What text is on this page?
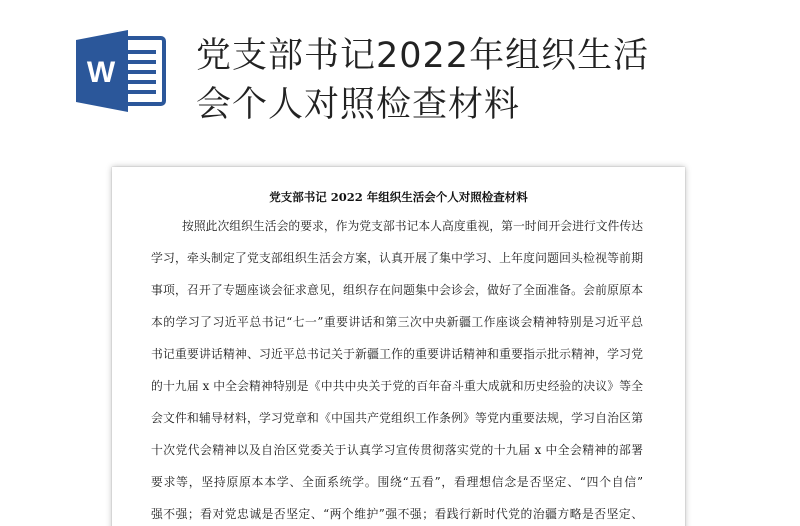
W 党支部书记2022年组织生活
会个人对照检查材料
党支部书记 2022 年组织生活会个人对照检查材料
按照此次组织生活会的要求，作为党支部书记本人高度重视，第一时间开会进行文件传达
学习，牵头制定了党支部组织生活会方案，认真开展了集中学习、上年度问题回头检视等前期
事项，召开了专题座谈会征求意见，组织存在问题集中会诊会，做好了全面准备。会前原原本
本的学习了习近平总书记“七一”重要讲话和第三次中央新疆工作座谈会精神特别是习近平总
书记重要讲话精神、习近平总书记关于新疆工作的重要讲话精神和重要指示批示精神，学习党
的十九届 x 中全会精神特别是《中共中央关于党的百年奋斗重大成就和历史经验的决议》等全
会文件和辅导材料，学习党章和《中国共产党组织工作条例》等党内重要法规，学习自治区第
十次党代会精神以及自治区党委关于认真学习宣传贯彻落实党的十九届 x 中全会精神的部署
要求等，坚持原原本本学、全面系统学。围绕“五看”，看理想信念是否坚定、“四个自信”
强不强；看对党忠诚是否坚定、“两个维护”强不强；看践行新时代党的治疆方略是否坚定、
